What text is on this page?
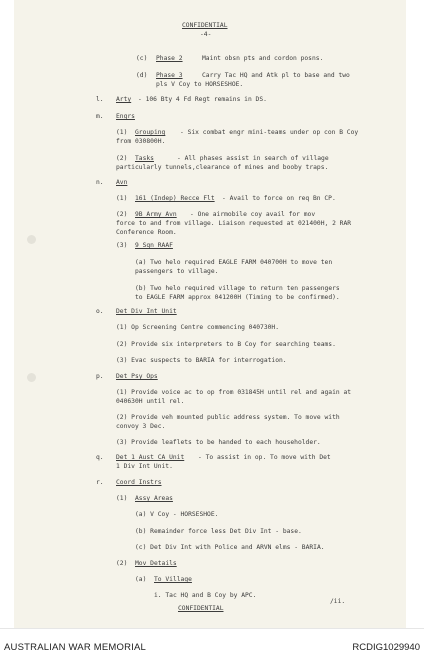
CONFIDENTIAL
-4-
(c) Phase 2	Maint obsn pts and cordon posns.
(d) Phase 3	Carry Tac HQ and Atk pl to base and two
pls V Coy to HORSESHOE.
l. Arty - 106 Bty 4 Fd Regt remains in DS.
m. Engrs
(1) Grouping - Six combat engr mini-teams under op con B Coy
from 030800H.
(2) Tasks	- All phases assist in search of village
particularly tunnels,clearance of mines and booby traps.
n. Avn
(1) 161 (Indep) Recce Flt - Avail to force on req Bn CP.
(2) 9B Army Avn - One airmobile coy avail for mov
force to and from village. Liaison requested at 021400H, 2 RAR
Conference Room.
(3) 9 Sqn RAAF
(a) Two helo required EAGLE FARM 040700H to move ten
passengers to village.
(b) Two helo required village to return ten passengers
to EAGLE FARM approx 041200H (Timing to be confirmed).
o. Det Div Int Unit
(1) Op Screening Centre commencing 040730H.
(2) Provide six interpreters to B Coy for searching teams.
(3) Evac suspects to BARIA for interrogation.
p. Det Psy Ops
(1) Provide voice ac to op from 031845H until rel and again at
040630H until rel.
(2) Provide veh mounted public address system. To move with
convoy 3 Dec.
(3) Provide leaflets to be handed to each householder.
q. Det 1 Aust CA Unit - To assist in op. To move with Det
1 Div Int Unit.
r. Coord Instrs
(1) Assy Areas
(a) V Coy - HORSESHOE.
(b) Remainder force less Det Div Int - base.
(c) Det Div Int with Police and ARVN elms - BARIA.
(2) Mov Details
(a) To Village
i. Tac HQ and B Coy by APC.
/ii.
CONFIDENTIAL
AUSTRALIAN WAR MEMORIAL	RCDIG1029940
